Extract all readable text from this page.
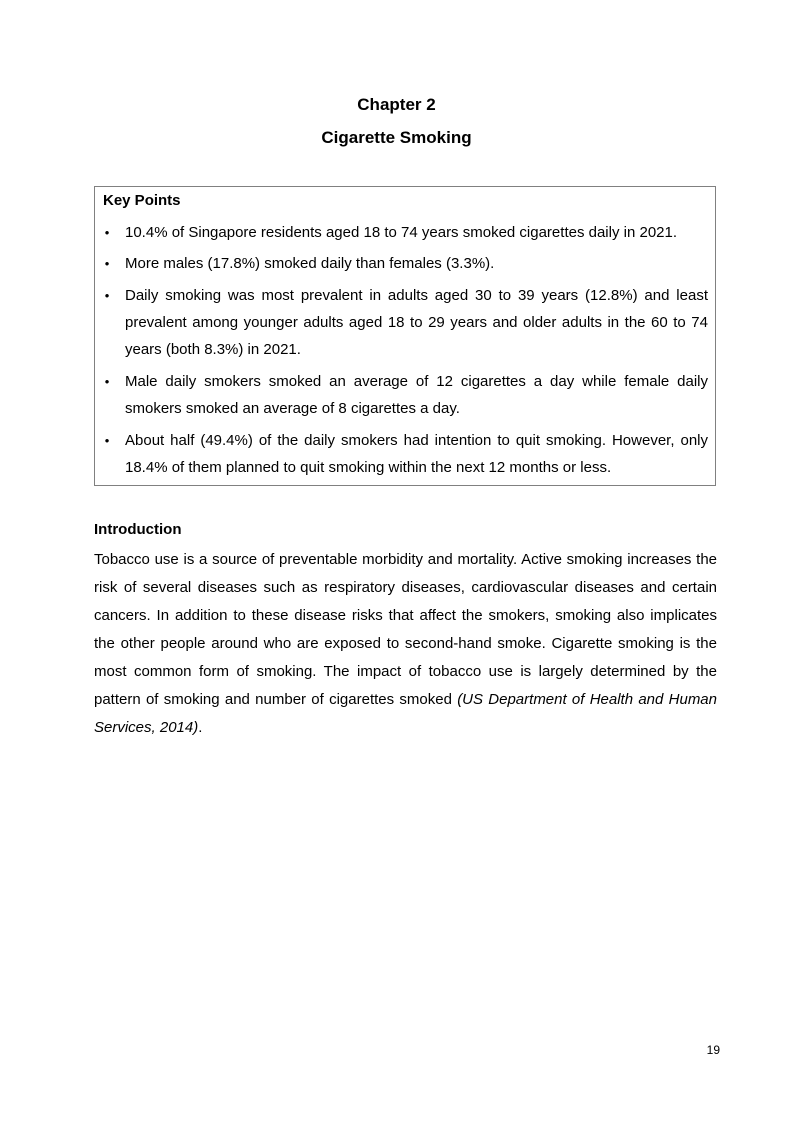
Chapter 2
Cigarette Smoking
Key Points
• 10.4% of Singapore residents aged 18 to 74 years smoked cigarettes daily in 2021.
• More males (17.8%) smoked daily than females (3.3%).
• Daily smoking was most prevalent in adults aged 30 to 39 years (12.8%) and least prevalent among younger adults aged 18 to 29 years and older adults in the 60 to 74 years (both 8.3%) in 2021.
• Male daily smokers smoked an average of 12 cigarettes a day while female daily smokers smoked an average of 8 cigarettes a day.
• About half (49.4%) of the daily smokers had intention to quit smoking. However, only 18.4% of them planned to quit smoking within the next 12 months or less.
Introduction

Tobacco use is a source of preventable morbidity and mortality. Active smoking increases the risk of several diseases such as respiratory diseases, cardiovascular diseases and certain cancers. In addition to these disease risks that affect the smokers, smoking also implicates the other people around who are exposed to second-hand smoke. Cigarette smoking is the most common form of smoking. The impact of tobacco use is largely determined by the pattern of smoking and number of cigarettes smoked (US Department of Health and Human Services, 2014).

19
